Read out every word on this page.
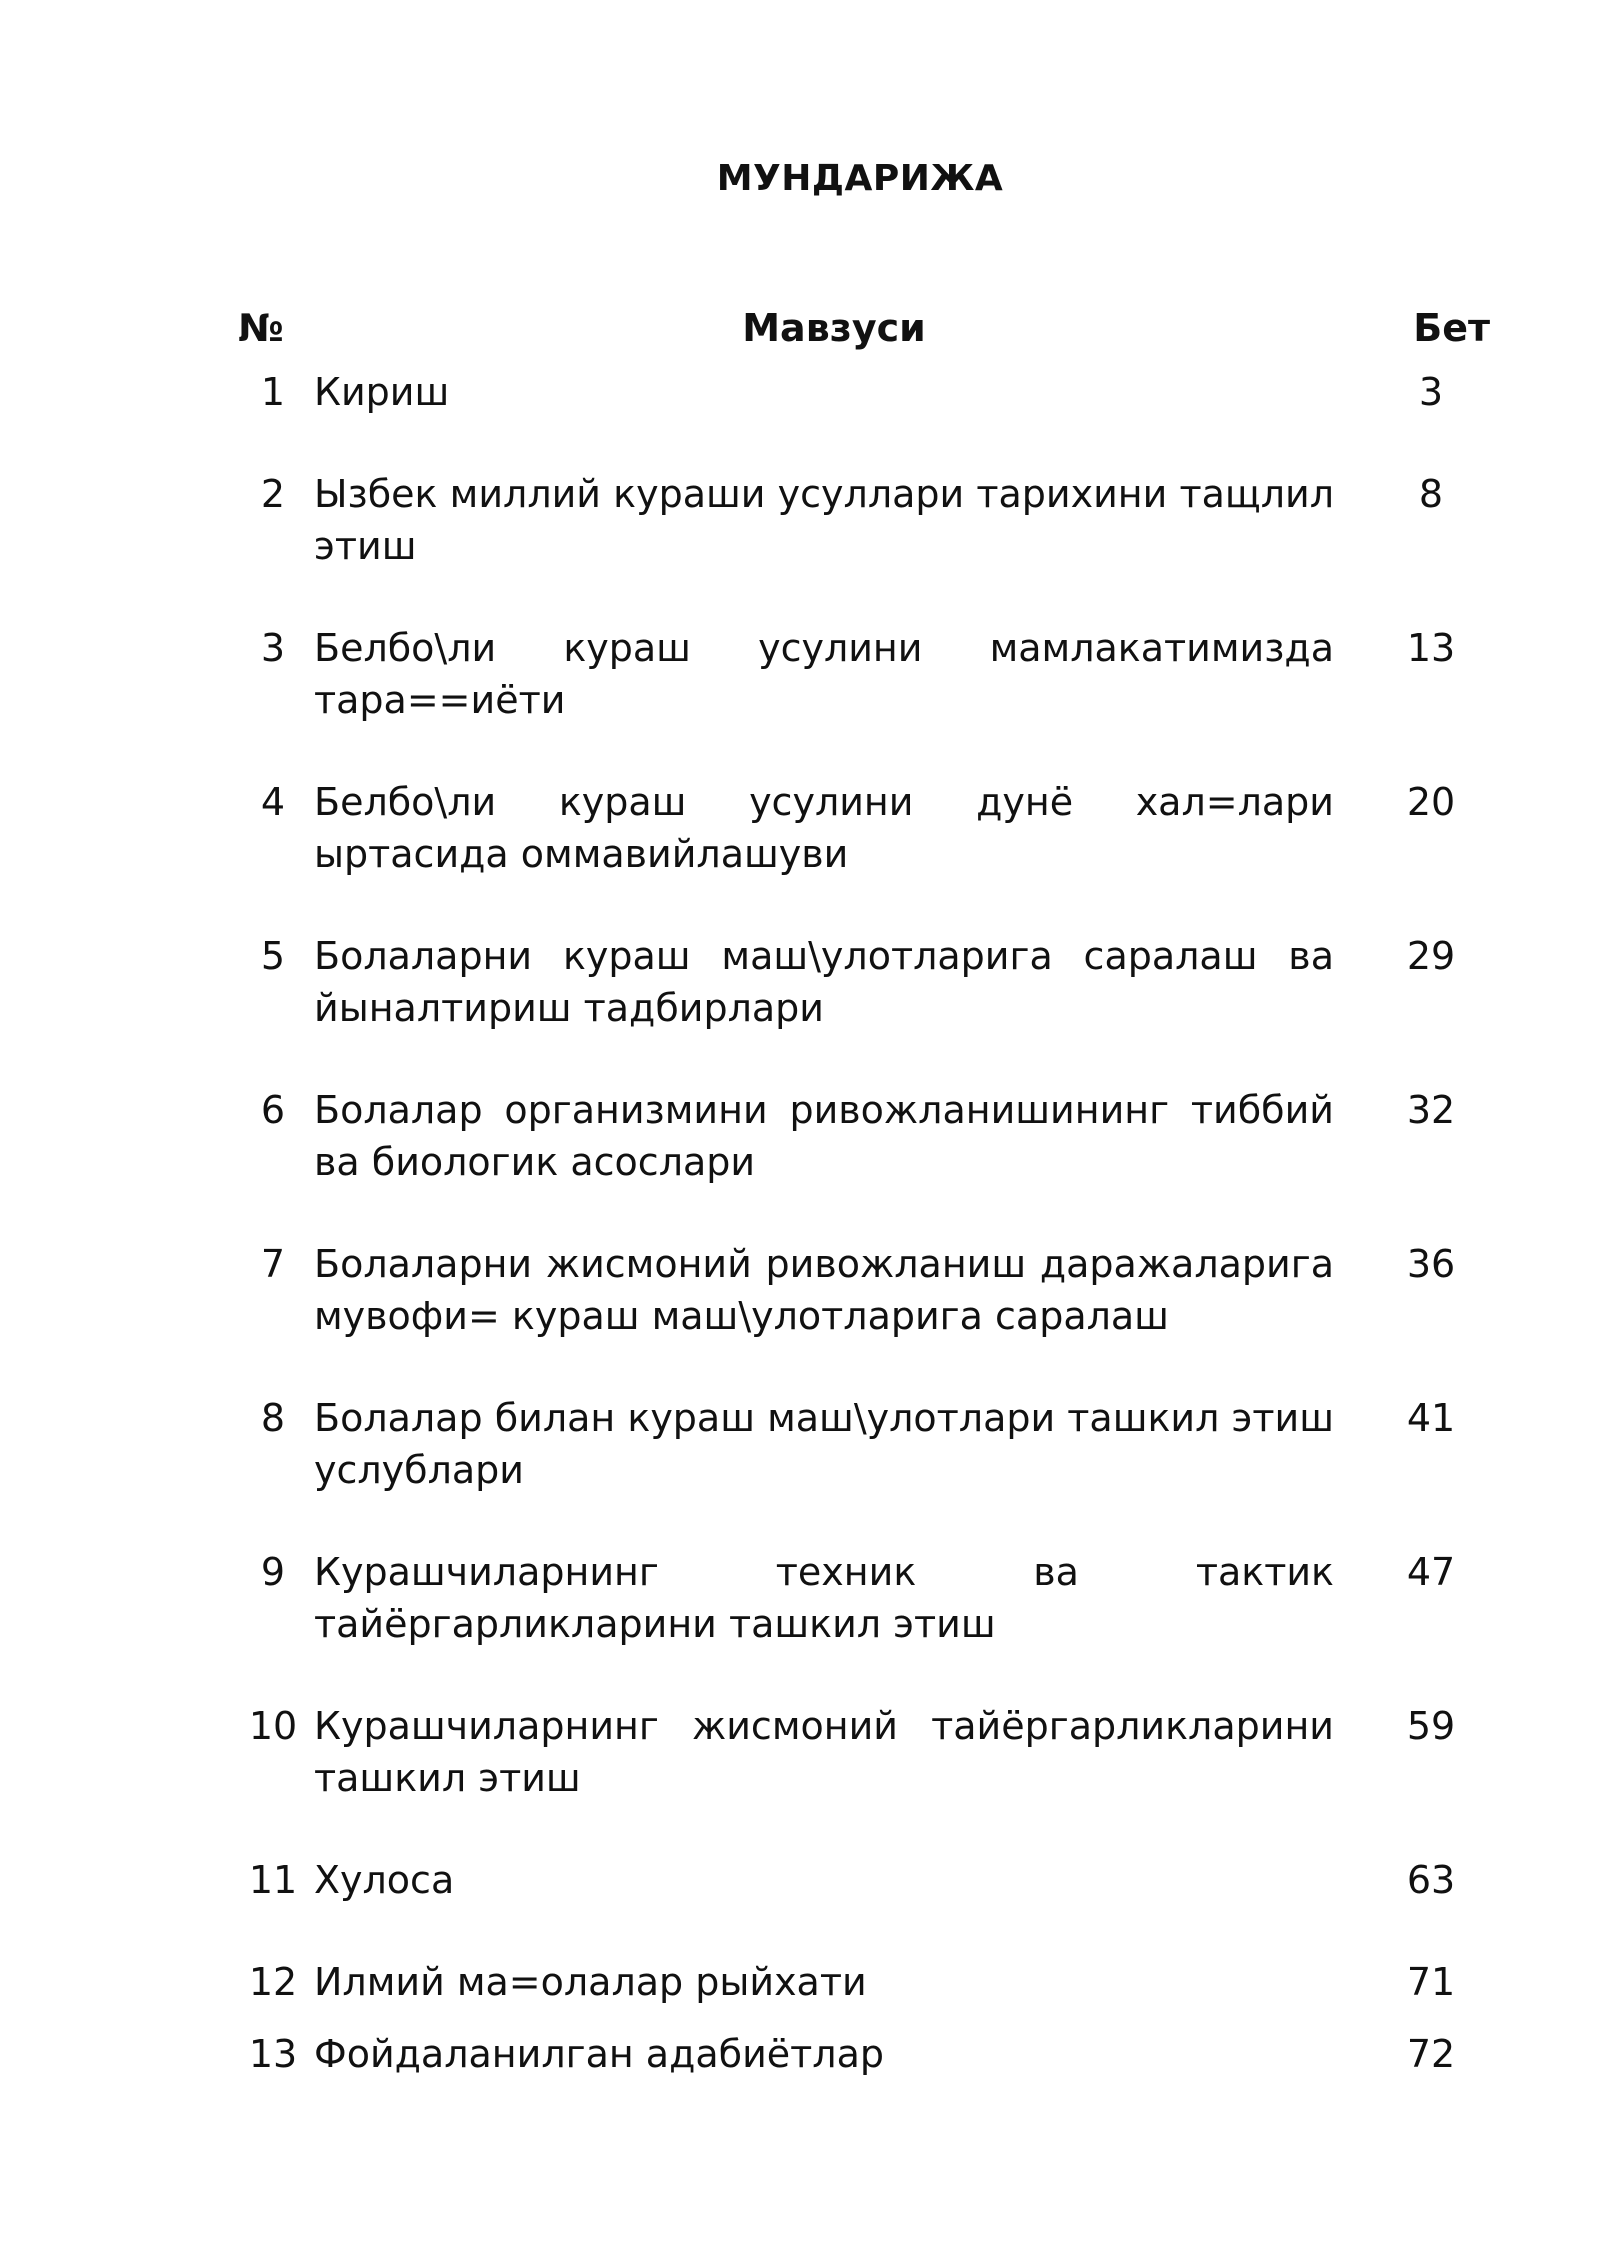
МУНДАРИЖА
№	Мавзуси	Бет
1	Кириш	3
2	Ызбек миллий кураши усуллари тарихини тащлил этиш	8
3	Белбо\ли кураш усулини мамлакатимизда тара==иёти	13
4	Белбо\ли кураш усулини дунё хал=лари ыртасида оммавийлашуви	20
5	Болаларни кураш маш\улотларига саралаш ва йыналтириш тадбирлари	29
6	Болалар организмини ривожланишининг тиббий ва биологик асослари	32
7	Болаларни жисмоний ривожланиш даражаларига мувофи= кураш маш\улотларига саралаш	36
8	Болалар билан кураш маш\улотлари ташкил этиш услублари	41
9	Курашчиларнинг техник ва тактик тайёргарликларини ташкил этиш	47
10	Курашчиларнинг жисмоний тайёргарликларини ташкил этиш	59
11	Хулоса	63
12	Илмий ма=олалар рыйхати	71
13	Фойдаланилган адабиётлар	72
